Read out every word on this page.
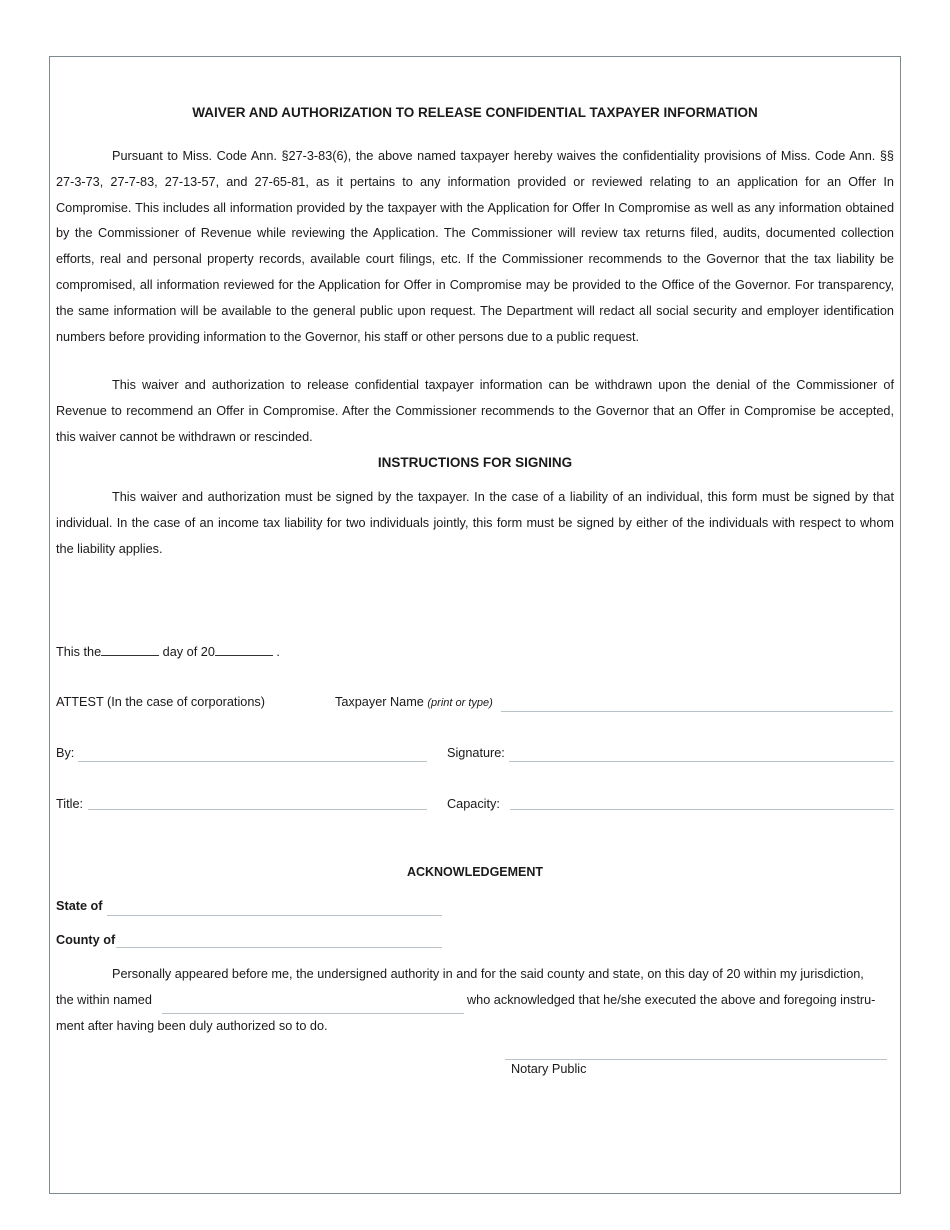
WAIVER AND AUTHORIZATION TO RELEASE CONFIDENTIAL TAXPAYER INFORMATION

Pursuant to Miss. Code Ann. §27-3-83(6), the above named taxpayer hereby waives the confidentiality provisions of Miss. Code Ann. §§ 27-3-73, 27-7-83, 27-13-57, and 27-65-81, as it pertains to any information provided or reviewed relating to an application for an Offer In Compromise. This includes all information provided by the taxpayer with the Application for Offer In Compromise as well as any information obtained by the Commissioner of Revenue while reviewing the Application. The Commissioner will review tax returns filed, audits, documented collection efforts, real and personal property records, available court filings, etc. If the Commissioner recommends to the Governor that the tax liability be compromised, all information reviewed for the Application for Offer in Compromise may be provided to the Office of the Governor. For transparency, the same information will be available to the general public upon request. The Department will redact all social security and employer identification numbers before providing information to the Governor, his staff or other persons due to a public request.

This waiver and authorization to release confidential taxpayer information can be withdrawn upon the denial of the Commissioner of Revenue to recommend an Offer in Compromise. After the Commissioner recommends to the Governor that an Offer in Compromise be accepted, this waiver cannot be withdrawn or rescinded.

INSTRUCTIONS FOR SIGNING

This waiver and authorization must be signed by the taxpayer. In the case of a liability of an individual, this form must be signed by that individual. In the case of an income tax liability for two individuals jointly, this form must be signed by either of the individuals with respect to whom the liability applies.

This the	day of 20	.
ATTEST (In the case of corporations)	Taxpayer Name (print or type)
By:	Signature:
Title:	Capacity:
ACKNOWLEDGEMENT
State of
County of
Personally appeared before me, the undersigned authority in and for the said county and state, on this day of 20 within my jurisdiction,
the within named	who acknowledged that he/she executed the above and foregoing instru-
ment after having been duly authorized so to do.
Notary Public
